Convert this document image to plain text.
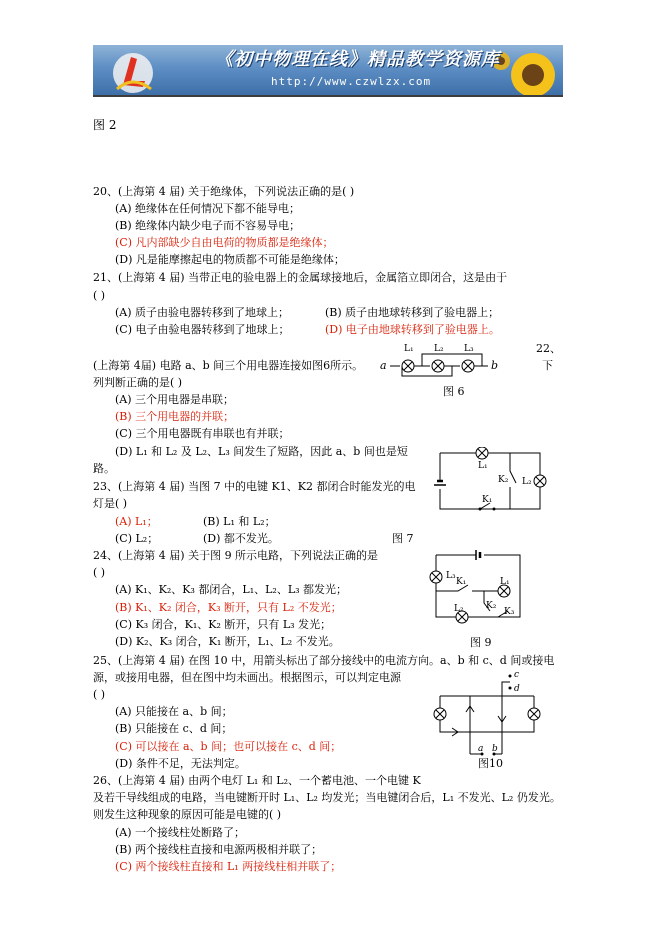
《初中物理在线》精品教学资源库
http://www.czwlzx.com
图 2
20、(上海第 4 届) 关于绝缘体，下列说法正确的是( )
(A) 绝缘体在任何情况下都不能导电；
(B) 绝缘体内缺少电子而不容易导电；
(C) 凡内部缺少自由电荷的物质都是绝缘体；
(D) 凡是能摩擦起电的物质都不可能是绝缘体；
21、(上海第 4 届) 当带正电的验电器上的金属球接地后，金属箔立即闭合，这是由于
( )
(A) 质子由验电器转移到了地球上；	(B) 质子由地球转移到了验电器上；
(C) 电子由验电器转移到了地球上；	(D) 电子由地球转移到了验电器上。
(上海第 4届) 电路 a、b 间三个用电器连接如图6所示。
22、
下
列判断正确的是( )
(A) 三个用电器是串联；
(B) 三个用电器的并联；
(C) 三个用电器既有串联也有并联；
(D) L₁ 和 L₂ 及 L₂、L₃ 间发生了短路，因此 a、b 间也是短
路。
a	b
L₁ L₂ L₃
图 6
23、(上海第 4 届) 当图 7 中的电键 K1、K2 都闭合时能发光的电
灯是( )
(A) L₁；	(B) L₁ 和 L₂；
(C) L₂；	(D) 都不发光。	图 7
L₁
L₂
K₁
K₂
24、(上海第 4 届) 关于图 9 所示电路，下列说法正确的是
( )
(A) K₁、K₂、K₃ 都闭合，L₁、L₂、L₃ 都发光；
(B) K₁、K₂ 闭合，K₃ 断开，只有 L₂ 不发光；
(C) K₃ 闭合，K₁、K₂ 断开，只有 L₃ 发光；
(D) K₂、K₃ 闭合，K₁ 断开，L₁、L₂ 不发光。
L₃
L₁
K₁
L₂ K₂
K₃
图 9
25、(上海第 4 届) 在图 10 中，用箭头标出了部分接线中的电流方向。a、b 和 c、d 间或接电
源，或接用电器，但在图中均未画出。根据图示，可以判定电源
( )
(A) 只能接在 a、b 间；
(B) 只能接在 c、d 间；
(C) 可以接在 a、b 间；也可以接在 c、d 间；
(D) 条件不足，无法判定。
c
d
a b
图10
26、(上海第 4 届) 由两个电灯 L₁ 和 L₂、一个蓄电池、一个电键 K
及若干导线组成的电路，当电键断开时 L₁、L₂ 均发光；当电键闭合后，L₁ 不发光、L₂ 仍发光。
则发生这种现象的原因可能是电键的( )
(A) 一个接线柱处断路了；
(B) 两个接线柱直接和电源两极相并联了；
(C) 两个接线柱直接和 L₁ 两接线柱相并联了；
